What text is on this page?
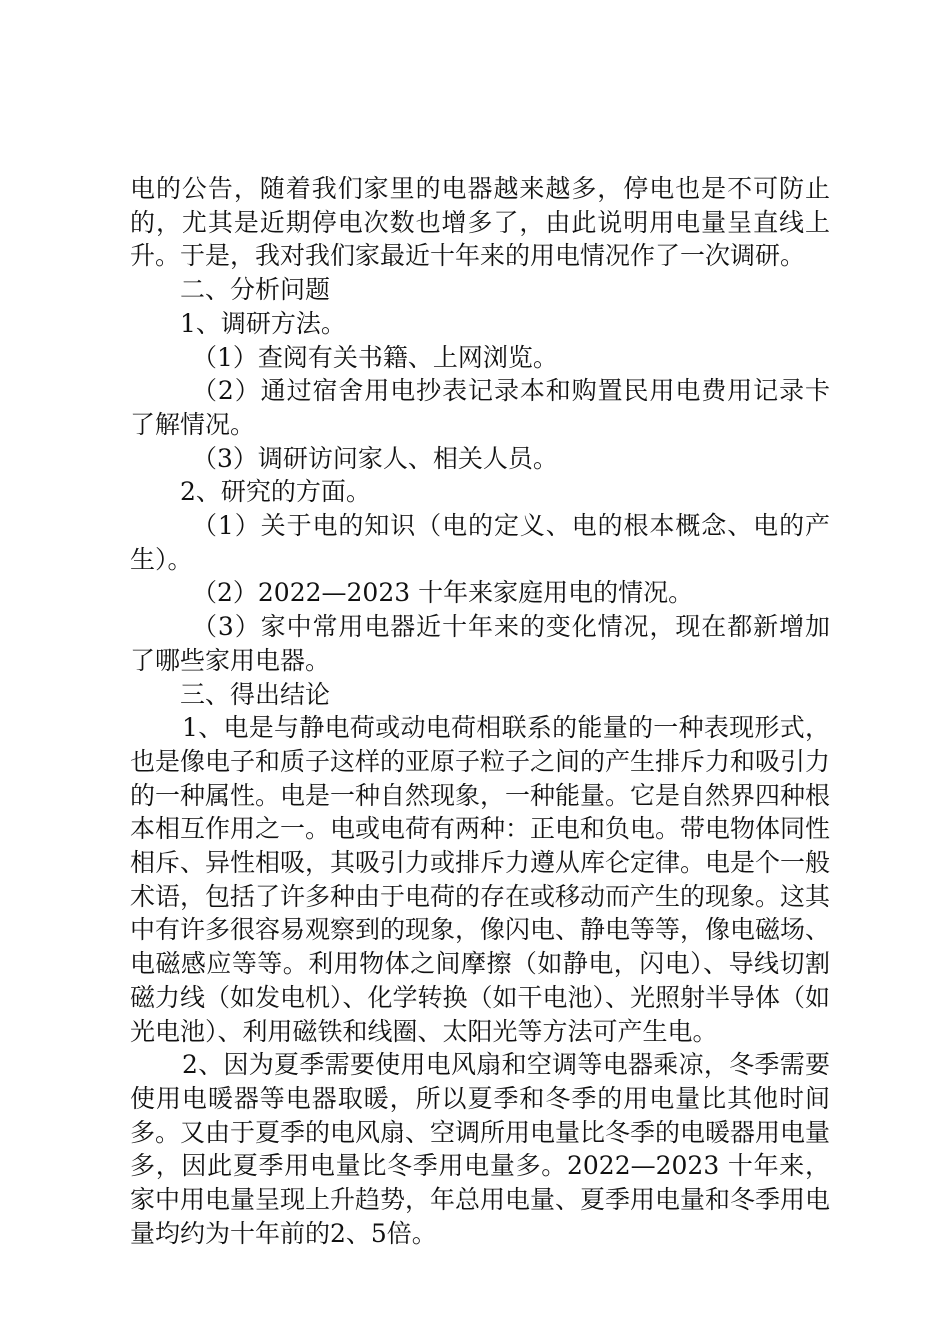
电的公告，随着我们家里的电器越来越多，停电也是不可防止的，尤其是近期停电次数也增多了，由此说明用电量呈直线上升。于是，我对我们家最近十年来的用电情况作了一次调研。

二、分析问题

1、调研方法。

（1）查阅有关书籍、上网浏览。

（2）通过宿舍用电抄表记录本和购置民用电费用记录卡了解情况。

（3）调研访问家人、相关人员。

2、研究的方面。

（1）关于电的知识（电的定义、电的根本概念、电的产生）。

（2）2022—2023 十年来家庭用电的情况。

（3）家中常用电器近十年来的变化情况，现在都新增加了哪些家用电器。

三、得出结论

1、电是与静电荷或动电荷相联系的能量的一种表现形式，也是像电子和质子这样的亚原子粒子之间的产生排斥力和吸引力的一种属性。电是一种自然现象，一种能量。它是自然界四种根本相互作用之一。电或电荷有两种：正电和负电。带电物体同性相斥、异性相吸，其吸引力或排斥力遵从库仑定律。电是个一般术语，包括了许多种由于电荷的存在或移动而产生的现象。这其中有许多很容易观察到的现象，像闪电、静电等等，像电磁场、电磁感应等等。利用物体之间摩擦（如静电，闪电）、导线切割磁力线（如发电机）、化学转换（如干电池）、光照射半导体（如光电池）、利用磁铁和线圈、太阳光等方法可产生电。

2、因为夏季需要使用电风扇和空调等电器乘凉，冬季需要使用电暖器等电器取暖，所以夏季和冬季的用电量比其他时间多。又由于夏季的电风扇、空调所用电量比冬季的电暖器用电量多，因此夏季用电量比冬季用电量多。2022—2023 十年来，家中用电量呈现上升趋势，年总用电量、夏季用电量和冬季用电量均约为十年前的2、5倍。
